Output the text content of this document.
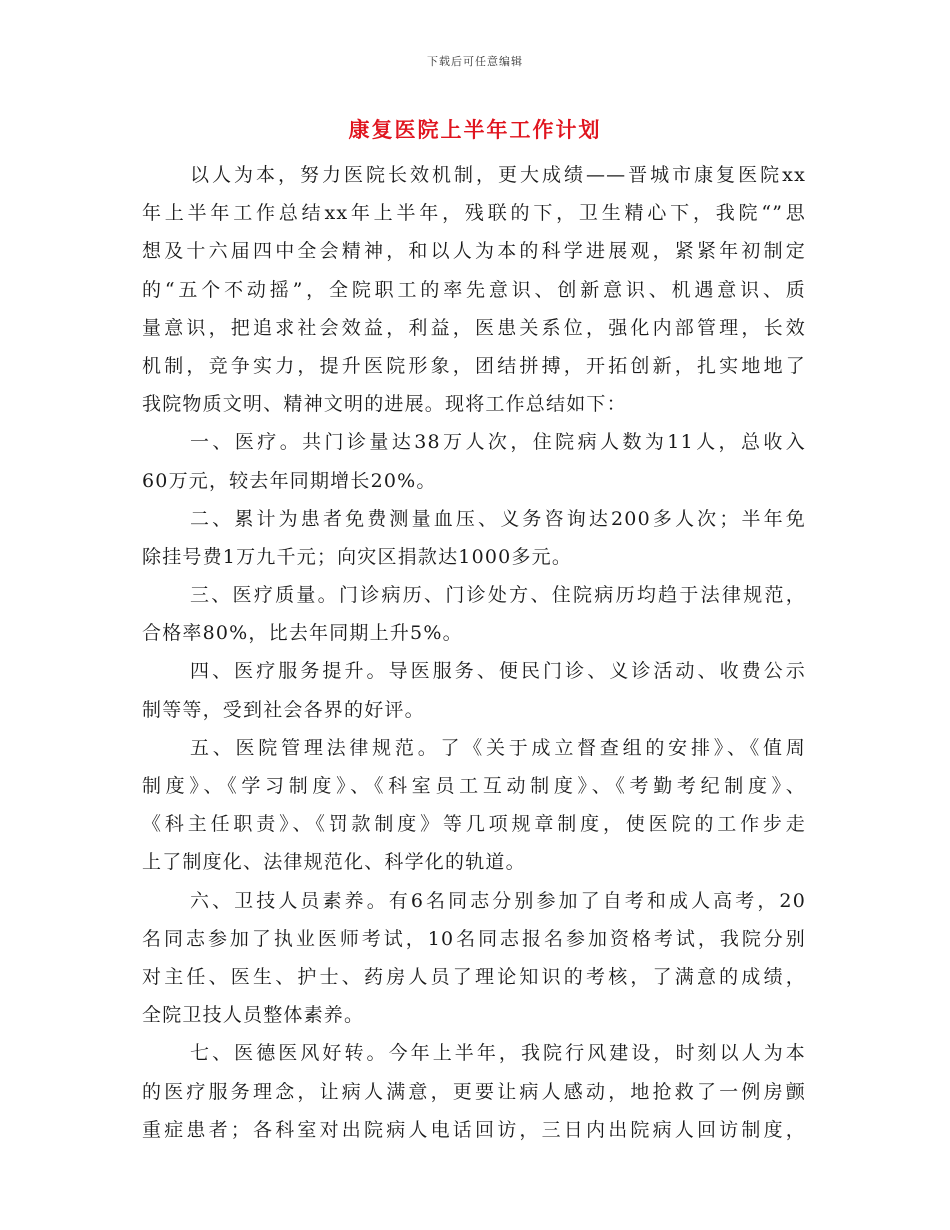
下载后可任意编辑
康复医院上半年工作计划
以人为本，努力医院长效机制，更大成绩——晋城市康复医院xx
年上半年工作总结xx年上半年，残联的下，卫生精心下，我院“”思
想及十六届四中全会精神，和以人为本的科学进展观，紧紧年初制定
的“五个不动摇”，全院职工的率先意识、创新意识、机遇意识、质
量意识，把追求社会效益，利益，医患关系位，强化内部管理，长效
机制，竞争实力，提升医院形象，团结拼搏，开拓创新，扎实地地了
我院物质文明、精神文明的进展。现将工作总结如下：
一、医疗。共门诊量达38万人次，住院病人数为11人，总收入
60万元，较去年同期增长20%。
二、累计为患者免费测量血压、义务咨询达200多人次；半年免
除挂号费1万九千元；向灾区捐款达1000多元。
三、医疗质量。门诊病历、门诊处方、住院病历均趋于法律规范，
合格率80%，比去年同期上升5%。
四、医疗服务提升。导医服务、便民门诊、义诊活动、收费公示
制等等，受到社会各界的好评。
五、医院管理法律规范。了《关于成立督查组的安排》、《值周
制度》、《学习制度》、《科室员工互动制度》、《考勤考纪制度》、
《科主任职责》、《罚款制度》等几项规章制度，使医院的工作步走
上了制度化、法律规范化、科学化的轨道。
六、卫技人员素养。有6名同志分别参加了自考和成人高考，20
名同志参加了执业医师考试，10名同志报名参加资格考试，我院分别
对主任、医生、护士、药房人员了理论知识的考核，了满意的成绩，
全院卫技人员整体素养。
七、医德医风好转。今年上半年，我院行风建设，时刻以人为本
的医疗服务理念，让病人满意，更要让病人感动，地抢救了一例房颤
重症患者；各科室对出院病人电话回访，三日内出院病人回访制度，
